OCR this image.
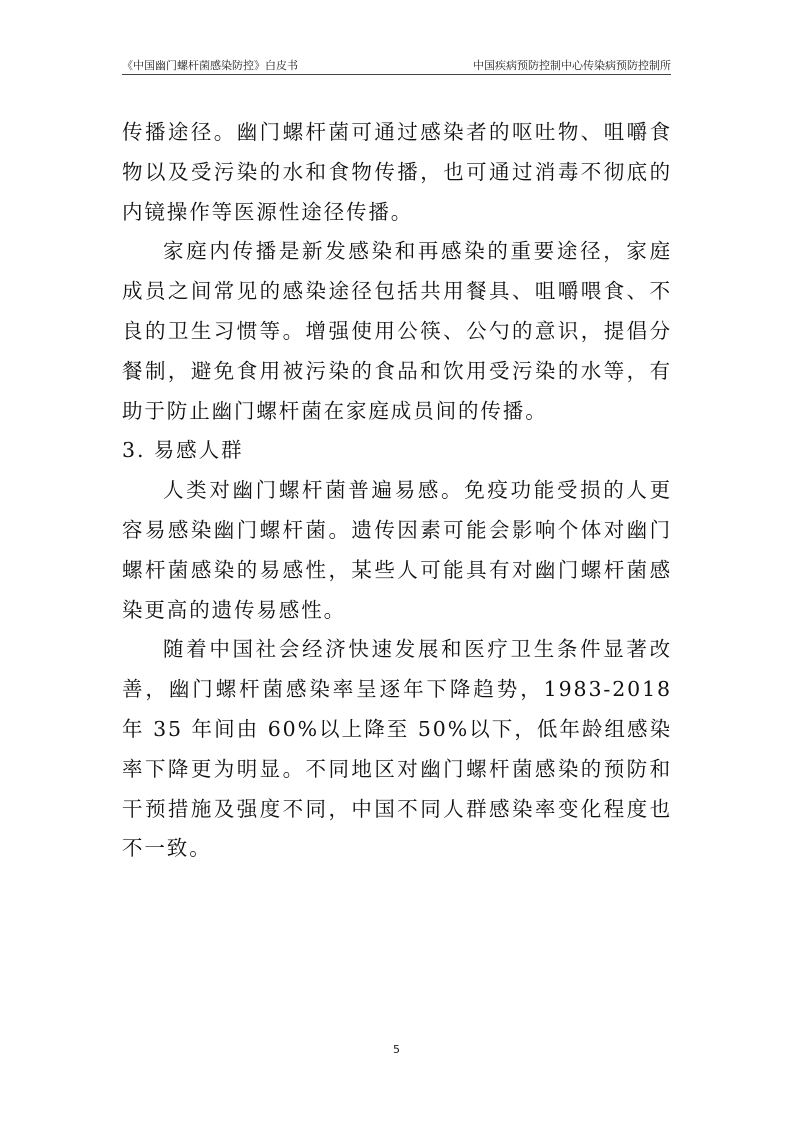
《中国幽门螺杆菌感染防控》白皮书	中国疾病预防控制中心传染病预防控制所

传播途径。幽门螺杆菌可通过感染者的呕吐物、咀嚼食物以及受污染的水和食物传播，也可通过消毒不彻底的内镜操作等医源性途径传播。

家庭内传播是新发感染和再感染的重要途径，家庭成员之间常见的感染途径包括共用餐具、咀嚼喂食、不良的卫生习惯等。增强使用公筷、公勺的意识，提倡分餐制，避免食用被污染的食品和饮用受污染的水等，有助于防止幽门螺杆菌在家庭成员间的传播。

3. 易感人群

人类对幽门螺杆菌普遍易感。免疫功能受损的人更容易感染幽门螺杆菌。遗传因素可能会影响个体对幽门螺杆菌感染的易感性，某些人可能具有对幽门螺杆菌感染更高的遗传易感性。

随着中国社会经济快速发展和医疗卫生条件显著改善，幽门螺杆菌感染率呈逐年下降趋势，1983-2018 年 35 年间由 60%以上降至 50%以下，低年龄组感染率下降更为明显。不同地区对幽门螺杆菌感染的预防和干预措施及强度不同，中国不同人群感染率变化程度也不一致。

5
